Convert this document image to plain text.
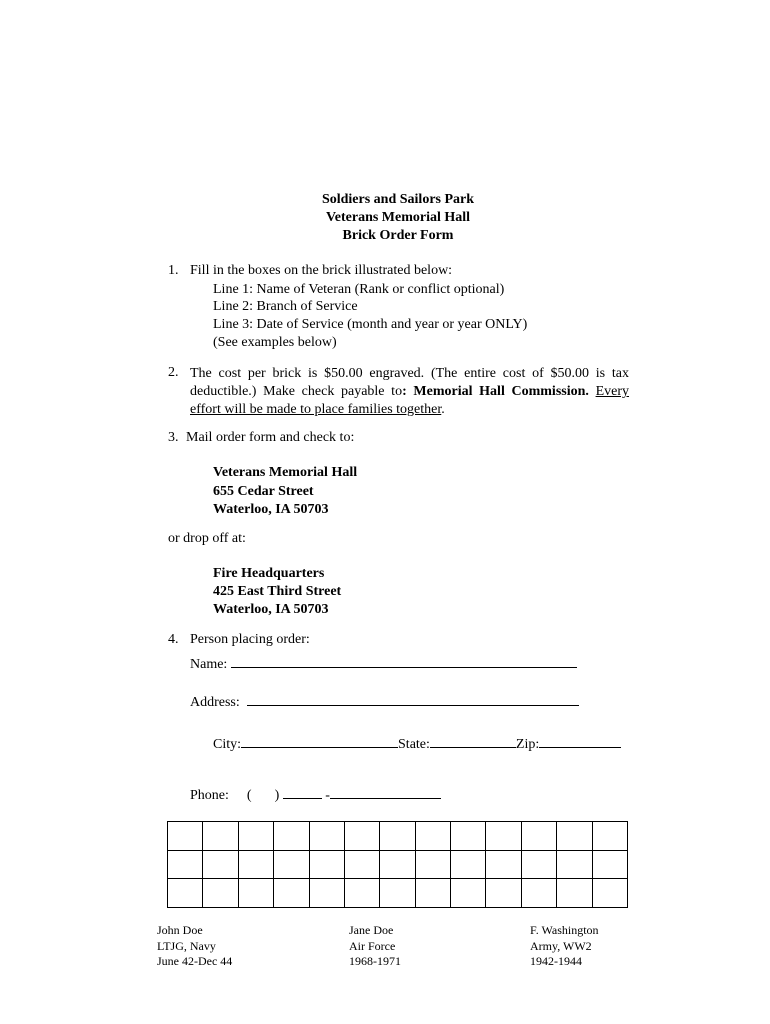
Soldiers and Sailors Park
Veterans Memorial Hall
Brick Order Form
1. Fill in the boxes on the brick illustrated below:
Line 1: Name of Veteran (Rank or conflict optional)
Line 2: Branch of Service
Line 3: Date of Service (month and year or year ONLY)
(See examples below)
2. The cost per brick is $50.00 engraved. (The entire cost of $50.00 is tax deductible.) Make check payable to: Memorial Hall Commission. Every effort will be made to place families together.
3. Mail order form and check to:
Veterans Memorial Hall
655 Cedar Street
Waterloo, IA 50703
or drop off at:
Fire Headquarters
425 East Third Street
Waterloo, IA 50703
4. Person placing order:
Name:
Address:
City:	State:	Zip:
Phone: ( )	-

John Doe
LTJG, Navy
June 42-Dec 44
Jane Doe
Air Force
1968-1971
F. Washington
Army, WW2
1942-1944
